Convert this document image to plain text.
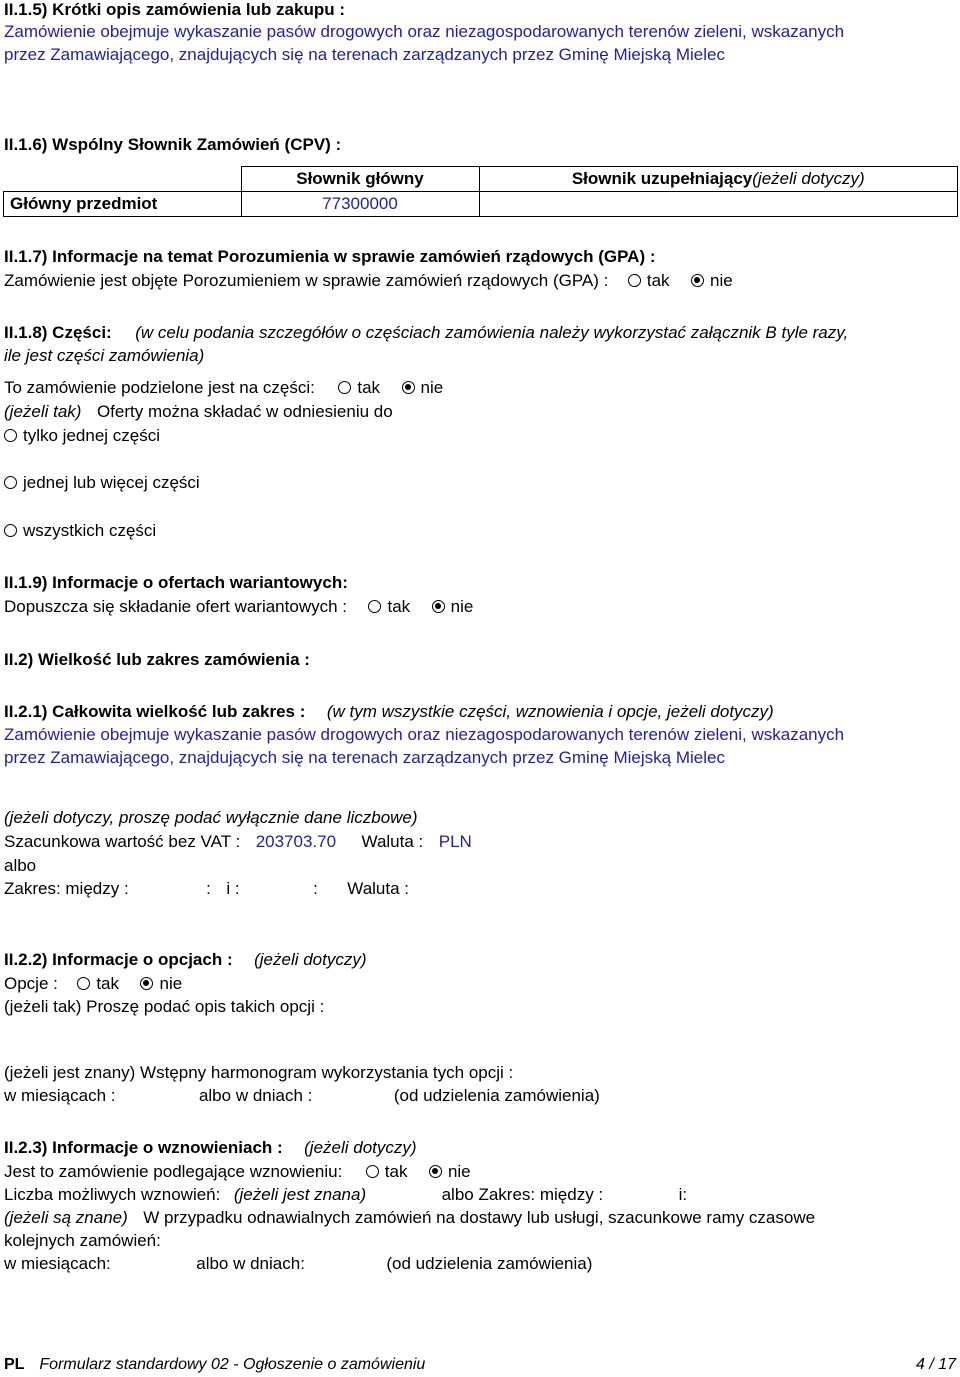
II.1.5) Krótki opis zamówienia lub zakupu :
Zamówienie obejmuje wykaszanie pasów drogowych oraz niezagospodarowanych terenów zieleni, wskazanych
przez Zamawiającego, znajdujących się na terenach zarządzanych przez Gminę Miejską Mielec
II.1.6) Wspólny Słownik Zamówień (CPV) :
	Słownik główny	Słownik uzupełniający(jeżeli dotyczy)
Główny przedmiot	77300000	
II.1.7) Informacje na temat Porozumienia w sprawie zamówień rządowych (GPA) :
Zamówienie jest objęte Porozumieniem w sprawie zamówień rządowych (GPA) : tak nie
II.1.8) Części: (w celu podania szczegółów o częściach zamówienia należy wykorzystać załącznik B tyle razy,
ile jest części zamówienia)
To zamówienie podzielone jest na części: tak nie
(jeżeli tak) Oferty można składać w odniesieniu do
tylko jednej części
jednej lub więcej części
wszystkich części
II.1.9) Informacje o ofertach wariantowych:
Dopuszcza się składanie ofert wariantowych : tak nie
II.2) Wielkość lub zakres zamówienia :
II.2.1) Całkowita wielkość lub zakres : (w tym wszystkie części, wznowienia i opcje, jeżeli dotyczy)
Zamówienie obejmuje wykaszanie pasów drogowych oraz niezagospodarowanych terenów zieleni, wskazanych
przez Zamawiającego, znajdujących się na terenach zarządzanych przez Gminę Miejską Mielec
(jeżeli dotyczy, proszę podać wyłącznie dane liczbowe)
Szacunkowa wartość bez VAT : 203703.70 Waluta : PLN
albo
Zakres: między :	: i :	: Waluta :
II.2.2) Informacje o opcjach : (jeżeli dotyczy)
Opcje : tak nie
(jeżeli tak) Proszę podać opis takich opcji :
(jeżeli jest znany) Wstępny harmonogram wykorzystania tych opcji :
w miesiącach :	albo w dniach :	(od udzielenia zamówienia)
II.2.3) Informacje o wznowieniach : (jeżeli dotyczy)
Jest to zamówienie podlegające wznowieniu: tak nie
Liczba możliwych wznowień: (jeżeli jest znana)	albo Zakres: między :	i:
(jeżeli są znane) W przypadku odnawialnych zamówień na dostawy lub usługi, szacunkowe ramy czasowe
kolejnych zamówień:
w miesiącach:	albo w dniach:	(od udzielenia zamówienia)
PL Formularz standardowy 02 - Ogłoszenie o zamówieniu	4 / 17
